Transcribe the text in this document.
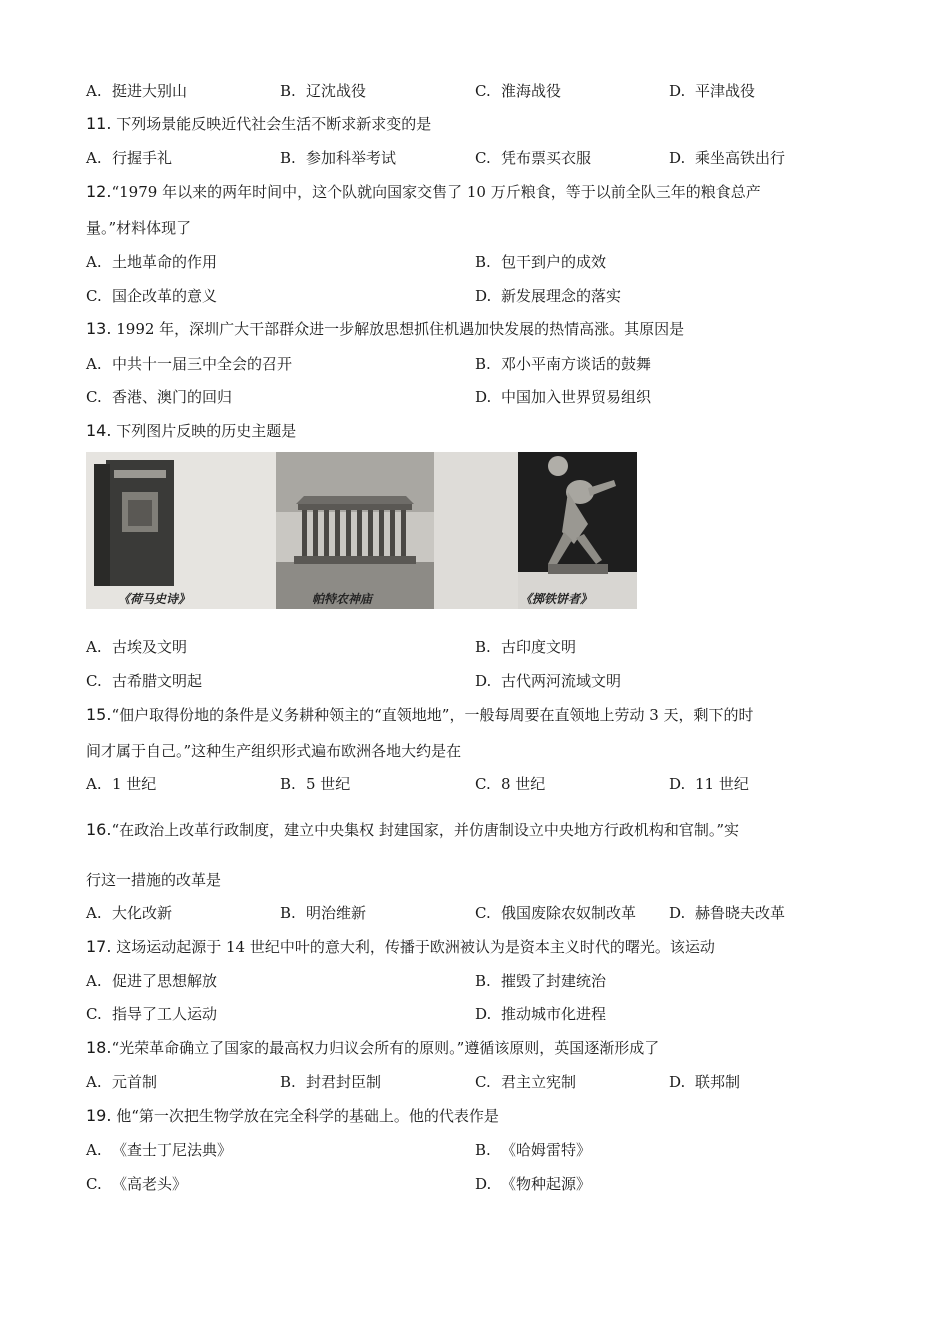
A. 挺进大别山	B. 辽沈战役	C. 淮海战役	D. 平津战役
11. 下列场景能反映近代社会生活不断求新求变的是
A. 行握手礼	B. 参加科举考试	C. 凭布票买衣服	D. 乘坐高铁出行
12.“1979 年以来的两年时间中，这个队就向国家交售了 10 万斤粮食，等于以前全队三年的粮食总产
量。”材料体现了
A. 土地革命的作用	B. 包干到户的成效
C. 国企改革的意义	D. 新发展理念的落实
13. 1992 年，深圳广大干部群众进一步解放思想抓住机遇加快发展的热情高涨。其原因是
A. 中共十一届三中全会的召开	B. 邓小平南方谈话的鼓舞
C. 香港、澳门的回归	D. 中国加入世界贸易组织
14. 下列图片反映的历史主题是
《荷马史诗》	帕特农神庙	《掷铁饼者》
A. 古埃及文明	B. 古印度文明
C. 古希腊文明起	D. 古代两河流域文明
15.“佃户取得份地的条件是义务耕种领主的“直领地地”，一般每周要在直领地上劳动 3 天，剩下的时
间才属于自己。”这种生产组织形式遍布欧洲各地大约是在
A. 1 世纪	B. 5 世纪	C. 8 世纪	D. 11 世纪
16.“在政治上改革行政制度，建立中央集权 封建国家，并仿唐制设立中央地方行政机构和官制。”实
行这一措施的改革是
A. 大化改新	B. 明治维新	C. 俄国废除农奴制改革 D. 赫鲁晓夫改革
17. 这场运动起源于 14 世纪中叶的意大利，传播于欧洲被认为是资本主义时代的曙光。该运动
A. 促进了思想解放	B. 摧毁了封建统治
C. 指导了工人运动	D. 推动城市化进程
18.“光荣革命确立了国家的最高权力归议会所有的原则。”遵循该原则，英国逐渐形成了
A. 元首制	B. 封君封臣制	C. 君主立宪制	D. 联邦制
19. 他“第一次把生物学放在完全科学的基础上。他的代表作是
A. 《查士丁尼法典》	B. 《哈姆雷特》
C. 《高老头》	D. 《物种起源》
